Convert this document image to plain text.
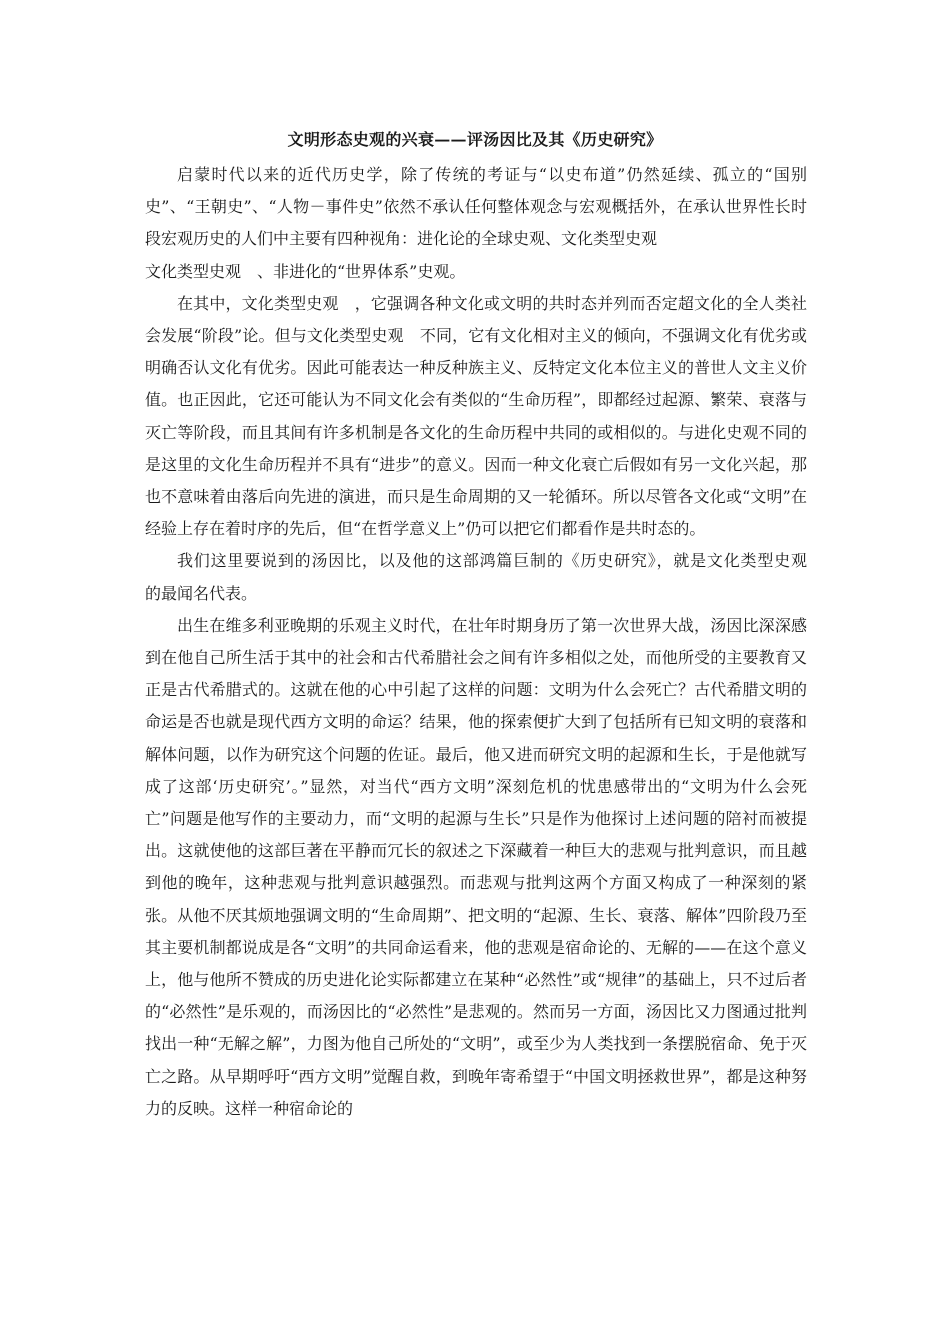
文明形态史观的兴衰——评汤因比及其《历史研究》

启蒙时代以来的近代历史学，除了传统的考证与“以史布道”仍然延续、孤立的“国别史”、“王朝史”、“人物－事件史”依然不承认任何整体观念与宏观概括外，在承认世界性长时段宏观历史的人们中主要有四种视角：进化论的全球史观、文化类型史观

文化类型史观　、非进化的“世界体系”史观。

在其中，文化类型史观　，它强调各种文化或文明的共时态并列而否定超文化的全人类社会发展“阶段”论。但与文化类型史观　不同，它有文化相对主义的倾向，不强调文化有优劣或明确否认文化有优劣。因此可能表达一种反种族主义、反特定文化本位主义的普世人文主义价值。也正因此，它还可能认为不同文化会有类似的“生命历程”，即都经过起源、繁荣、衰落与灭亡等阶段，而且其间有许多机制是各文化的生命历程中共同的或相似的。与进化史观不同的是这里的文化生命历程并不具有“进步”的意义。因而一种文化衰亡后假如有另一文化兴起，那也不意味着由落后向先进的演进，而只是生命周期的又一轮循环。所以尽管各文化或“文明”在经验上存在着时序的先后，但“在哲学意义上”仍可以把它们都看作是共时态的。

我们这里要说到的汤因比，以及他的这部鸿篇巨制的《历史研究》，就是文化类型史观　的最闻名代表。

出生在维多利亚晚期的乐观主义时代，在壮年时期身历了第一次世界大战，汤因比深深感到在他自己所生活于其中的社会和古代希腊社会之间有许多相似之处，而他所受的主要教育又正是古代希腊式的。这就在他的心中引起了这样的问题：文明为什么会死亡？古代希腊文明的命运是否也就是现代西方文明的命运？结果，他的探索便扩大到了包括所有已知文明的衰落和解体问题，以作为研究这个问题的佐证。最后，他又进而研究文明的起源和生长，于是他就写成了这部‘历史研究’。”显然，对当代“西方文明”深刻危机的忧患感带出的“文明为什么会死亡”问题是他写作的主要动力，而“文明的起源与生长”只是作为他探讨上述问题的陪衬而被提出。这就使他的这部巨著在平静而冗长的叙述之下深藏着一种巨大的悲观与批判意识，而且越到他的晚年，这种悲观与批判意识越强烈。而悲观与批判这两个方面又构成了一种深刻的紧张。从他不厌其烦地强调文明的“生命周期”、把文明的“起源、生长、衰落、解体”四阶段乃至其主要机制都说成是各“文明”的共同命运看来，他的悲观是宿命论的、无解的——在这个意义上，他与他所不赞成的历史进化论实际都建立在某种“必然性”或“规律”的基础上，只不过后者的“必然性”是乐观的，而汤因比的“必然性”是悲观的。然而另一方面，汤因比又力图通过批判找出一种“无解之解”，力图为他自己所处的“文明”，或至少为人类找到一条摆脱宿命、免于灭亡之路。从早期呼吁“西方文明”觉醒自救，到晚年寄希望于“中国文明拯救世界”，都是这种努力的反映。这样一种宿命论的
